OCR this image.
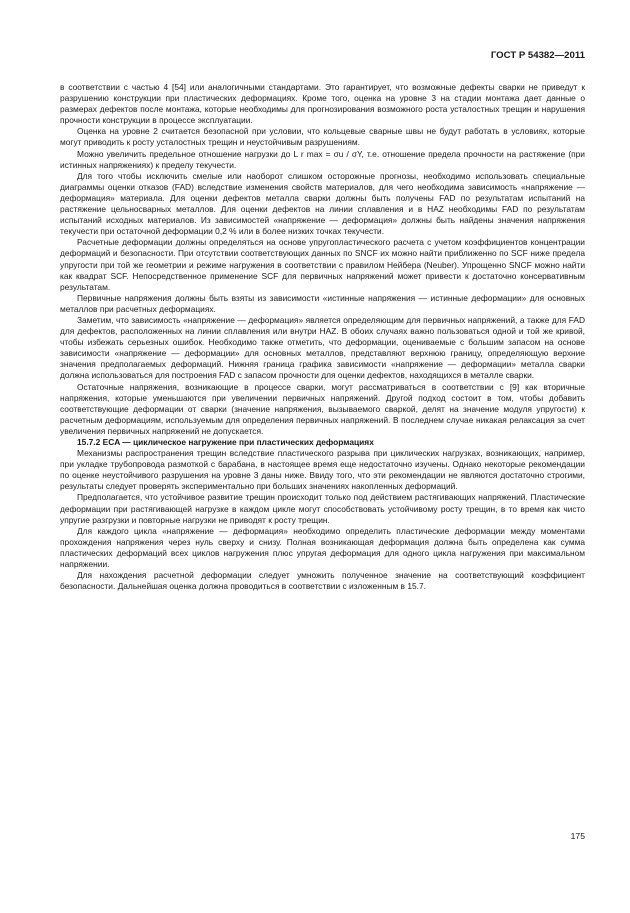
ГОСТ Р 54382—2011

в соответствии с частью 4 [54] или аналогичными стандартами. Это гарантирует, что возможные дефекты сварки не приведут к разрушению конструкции при пластических деформациях. Кроме того, оценка на уровне 3 на стадии монтажа дает данные о размерах дефектов после монтажа, которые необходимы для прогнозирования возможного роста усталостных трещин и нарушения прочности конструкции в процессе эксплуатации.

Оценка на уровне 2 считается безопасной при условии, что кольцевые сварные швы не будут работать в условиях, которые могут приводить к росту усталостных трещин и неустойчивым разрушениям.

Можно увеличить предельное отношение нагрузки до L r max = σu / σY, т.е. отношение предела прочности на растяжение (при истинных напряжениях) к пределу текучести.

Для того чтобы исключить смелые или наоборот слишком осторожные прогнозы, необходимо использовать специальные диаграммы оценки отказов (FAD) вследствие изменения свойств материалов, для чего необходима зависимость «напряжение — деформация» материала. Для оценки дефектов металла сварки должны быть получены FAD по результатам испытаний на растяжение цельносварных металлов. Для оценки дефектов на линии сплавления и в HAZ необходимы FAD по результатам испытаний исходных материалов. Из зависимостей «напряжение — деформация» должны быть найдены значения напряжения текучести при остаточной деформации 0,2 % или в более низких точках текучести.

Расчетные деформации должны определяться на основе упругопластического расчета с учетом коэффициентов концентрации деформаций и безопасности. При отсутствии соответствующих данных по SNCF их можно найти приближенно по SCF ниже предела упругости при той же геометрии и режиме нагружения в соответствии с правилом Нейбера (Neuber). Упрощенно SNCF можно найти как квадрат SCF. Непосредственное применение SCF для первичных напряжений может привести к достаточно консервативным результатам.

Первичные напряжения должны быть взяты из зависимости «истинные напряжения — истинные деформации» для основных металлов при расчетных деформациях.

Заметим, что зависимость «напряжение — деформация» является определяющим для первичных напряжений, а также для FAD для дефектов, расположенных на линии сплавления или внутри HAZ. В обоих случаях важно пользоваться одной и той же кривой, чтобы избежать серьезных ошибок. Необходимо также отметить, что деформации, оцениваемые с большим запасом на основе зависимости «напряжение — деформации» для основных металлов, представляют верхнюю границу, определяющую верхние значения предполагаемых деформаций. Нижняя граница графика зависимости «напряжение — деформации» металла сварки должна использоваться для построения FAD с запасом прочности для оценки дефектов, находящихся в металле сварки.

Остаточные напряжения, возникающие в процессе сварки, могут рассматриваться в соответствии с [9] как вторичные напряжения, которые уменьшаются при увеличении первичных напряжений. Другой подход состоит в том, чтобы добавить соответствующие деформации от сварки (значение напряжения, вызываемого сваркой, делят на значение модуля упругости) к расчетным деформациям, используемым для определения первичных напряжений. В последнем случае никакая релаксация за счет увеличения первичных напряжений не допускается.

15.7.2 ECA — циклическое нагружение при пластических деформациях

Механизмы распространения трещин вследствие пластического разрыва при циклических нагрузках, возникающих, например, при укладке трубопровода размоткой с барабана, в настоящее время еще недостаточно изучены. Однако некоторые рекомендации по оценке неустойчивого разрушения на уровне 3 даны ниже. Ввиду того, что эти рекомендации не являются достаточно строгими, результаты следует проверять экспериментально при больших значениях накопленных деформаций.

Предполагается, что устойчивое развитие трещин происходит только под действием растягивающих напряжений. Пластические деформации при растягивающей нагрузке в каждом цикле могут способствовать устойчивому росту трещин, в то время как чисто упругие разгрузки и повторные нагрузки не приводят к росту трещин.

Для каждого цикла «напряжение — деформация» необходимо определить пластические деформации между моментами прохождения напряжения через нуль сверху и снизу. Полная возникающая деформация должна быть определена как сумма пластических деформаций всех циклов нагружения плюс упругая деформация для одного цикла нагружения при максимальном напряжении.

Для нахождения расчетной деформации следует умножить полученное значение на соответствующий коэффициент безопасности. Дальнейшая оценка должна проводиться в соответствии с изложенным в 15.7.

175
